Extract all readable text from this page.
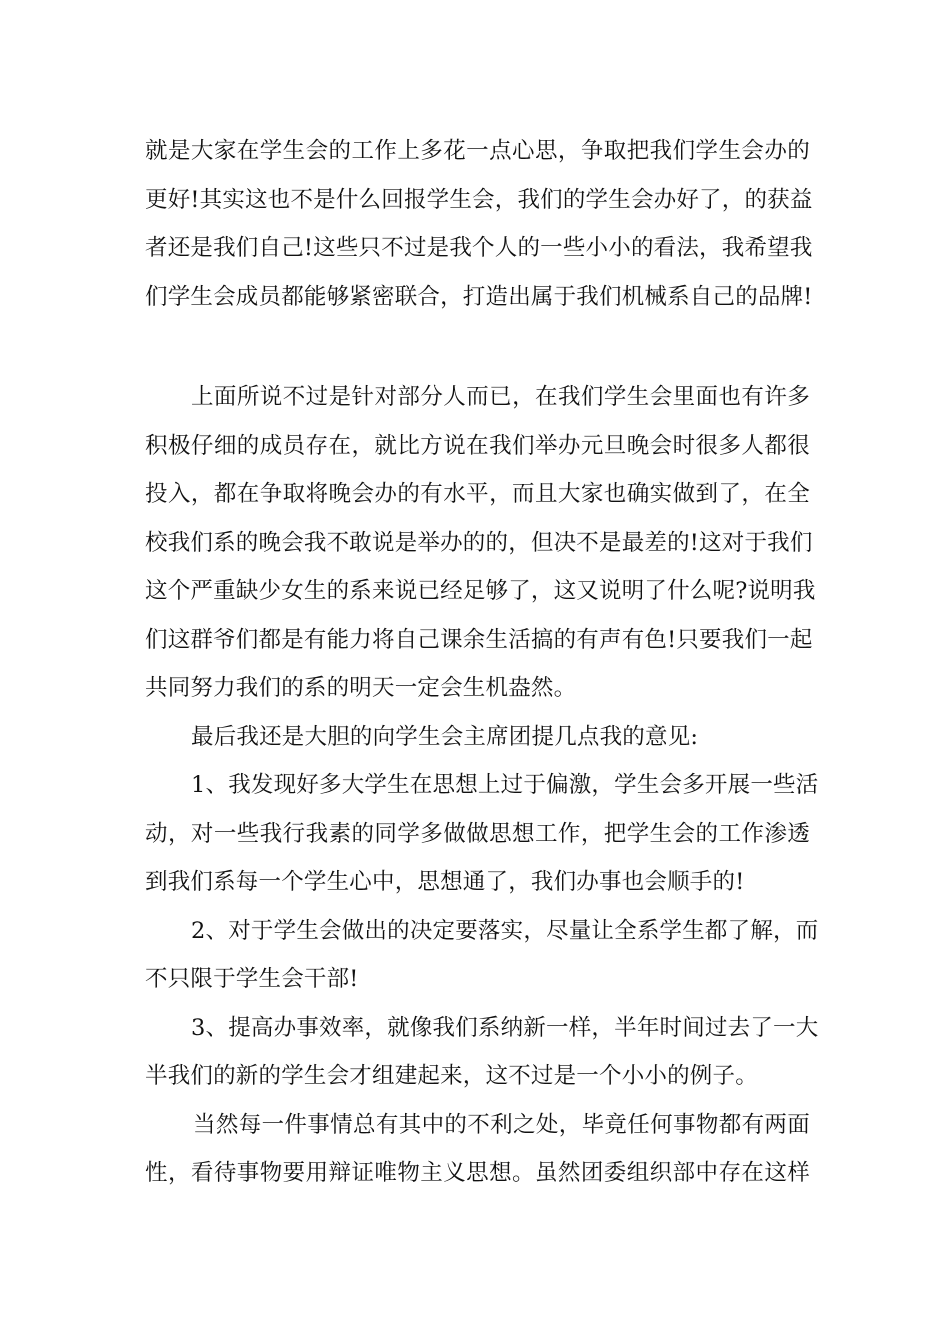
就是大家在学生会的工作上多花一点心思，争取把我们学生会办的
更好!其实这也不是什么回报学生会，我们的学生会办好了，的获益
者还是我们自己!这些只不过是我个人的一些小小的看法，我希望我
们学生会成员都能够紧密联合，打造出属于我们机械系自己的品牌!
上面所说不过是针对部分人而已，在我们学生会里面也有许多
积极仔细的成员存在，就比方说在我们举办元旦晚会时很多人都很
投入，都在争取将晚会办的有水平，而且大家也确实做到了，在全
校我们系的晚会我不敢说是举办的的，但决不是最差的!这对于我们
这个严重缺少女生的系来说已经足够了，这又说明了什么呢?说明我
们这群爷们都是有能力将自己课余生活搞的有声有色!只要我们一起
共同努力我们的系的明天一定会生机盎然。
最后我还是大胆的向学生会主席团提几点我的意见:
1、我发现好多大学生在思想上过于偏激，学生会多开展一些活
动，对一些我行我素的同学多做做思想工作，把学生会的工作渗透
到我们系每一个学生心中，思想通了，我们办事也会顺手的!
2、对于学生会做出的决定要落实，尽量让全系学生都了解，而
不只限于学生会干部!
3、提高办事效率，就像我们系纳新一样，半年时间过去了一大
半我们的新的学生会才组建起来，这不过是一个小小的例子。
当然每一件事情总有其中的不利之处，毕竟任何事物都有两面
性，看待事物要用辩证唯物主义思想。虽然团委组织部中存在这样
